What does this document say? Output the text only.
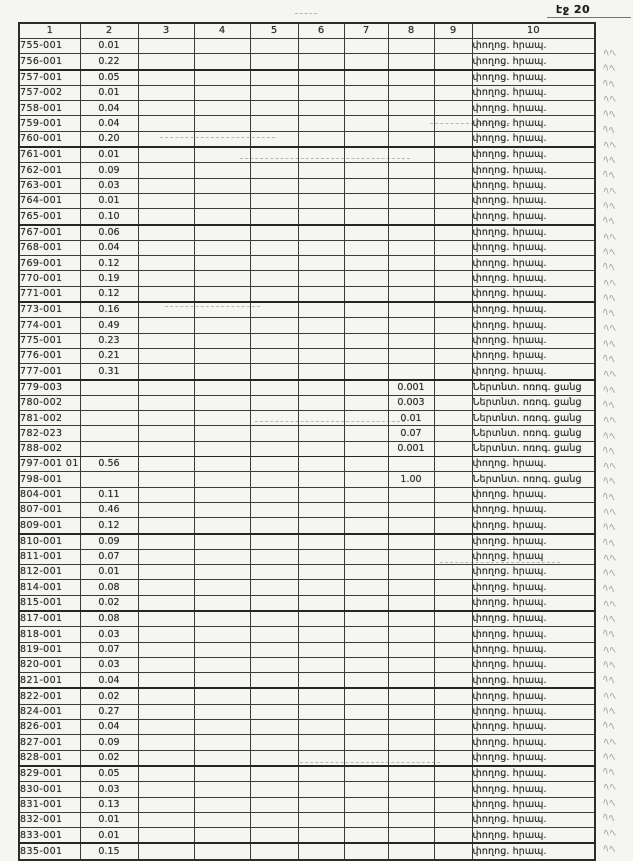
էջ 20
1	2	3	4	5	6	7	8	9	10
755-001	0.01								փողոց. հրապ.
756-001	0.22								փողոց. հրապ.
757-001	0.05								փողոց. հրապ.
757-002	0.01								փողոց. հրապ.
758-001	0.04								փողոց. հրապ.
759-001	0.04								փողոց. հրապ.
760-001	0.20								փողոց. հրապ.
761-001	0.01								փողոց. հրապ.
762-001	0.09								փողոց. հրապ.
763-001	0.03								փողոց. հրապ.
764-001	0.01								փողոց. հրապ.
765-001	0.10								փողոց. հրապ.
767-001	0.06								փողոց. հրապ.
768-001	0.04								փողոց. հրապ.
769-001	0.12								փողոց. հրապ.
770-001	0.19								փողոց. հրապ.
771-001	0.12								փողոց. հրապ.
773-001	0.16								փողոց. հրապ.
774-001	0.49								փողոց. հրապ.
775-001	0.23								փողոց. հրապ.
776-001	0.21								փողոց. հրապ.
777-001	0.31								փողոց. հրապ.
779-003							0.001		Ներտնտ. ոռոգ. ցանց
780-002							0.003		Ներտնտ. ոռոգ. ցանց
781-002							0.01		Ներտնտ. ոռոգ. ցանց
782-023							0.07		Ներտնտ. ոռոգ. ցանց
788-002							0.001		Ներտնտ. ոռոգ. ցանց
797-001 01	0.56								փողոց. հրապ.
798-001							1.00		Ներտնտ. ոռոգ. ցանց
804-001	0.11								փողոց. հրապ.
807-001	0.46								փողոց. հրապ.
809-001	0.12								փողոց. հրապ.
810-001	0.09								փողոց. հրապ.
811-001	0.07								փողոց. հրապ
812-001	0.01								փողոց. հրապ.
814-001	0.08								փողոց. հրապ.
815-001	0.02								փողոց. հրապ.
817-001	0.08								փողոց. հրապ.
818-001	0.03								փողոց. հրապ.
819-001	0.07								փողոց. հրապ.
820-001	0.03								փողոց. հրապ.
821-001	0.04								փողոց. հրապ.
822-001	0.02								փողոց. հրապ.
824-001	0.27								փողոց. հրապ.
826-001	0.04								փողոց. հրապ.
827-001	0.09								փողոց. հրապ.
828-001	0.02								փողոց. հրապ.
829-001	0.05								փողոց. հրապ.
830-001	0.03								փողոց. հրապ.
831-001	0.13								փողոց. հրապ.
832-001	0.01								փողոց. հրապ.
833-001	0.01								փողոց. հրապ.
835-001	0.15								փողոց. հրապ.
